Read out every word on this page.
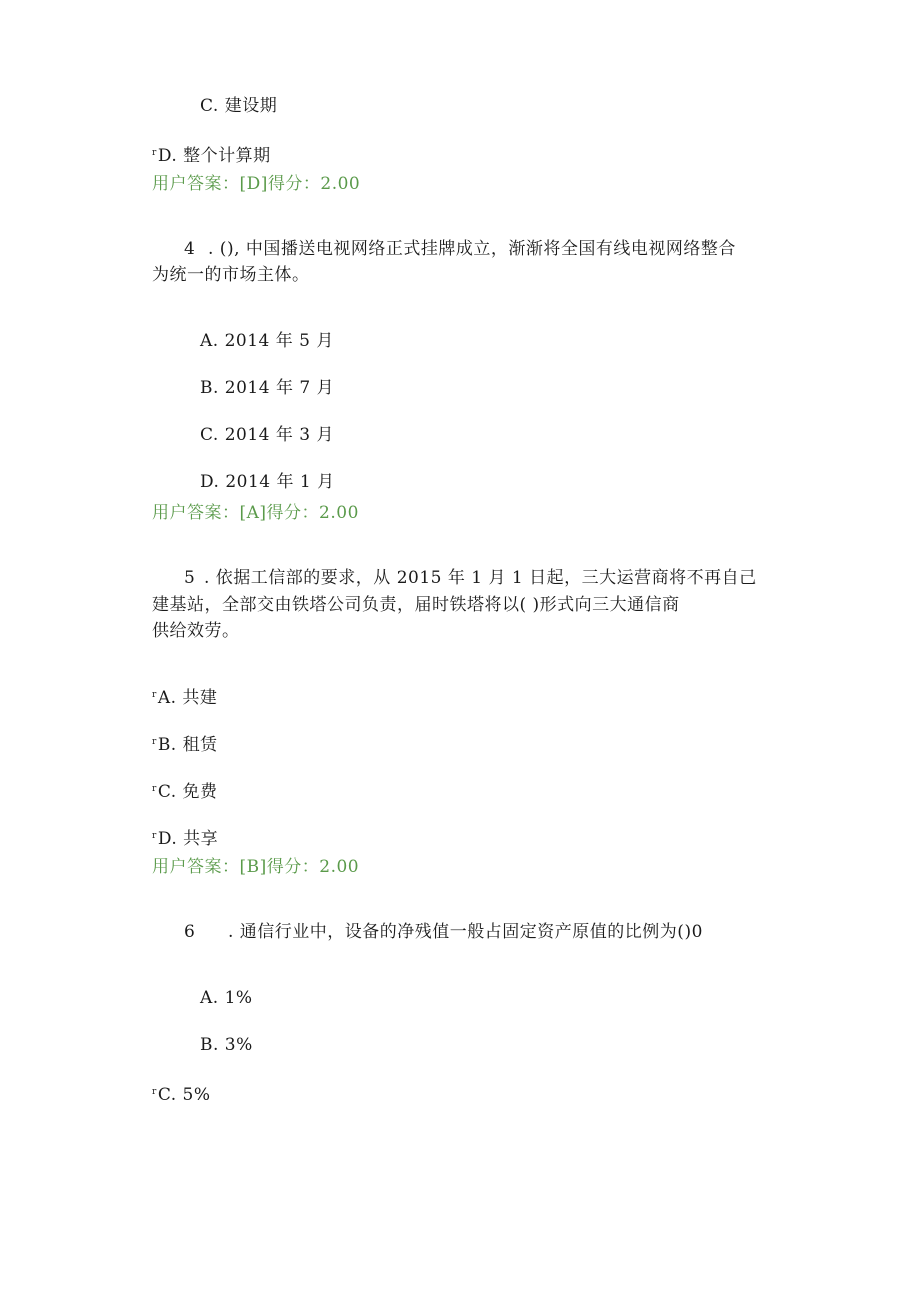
C. 建设期
$^r$D. 整个计算期
用户答案：[D]得分：2.00
4 . (), 中国播送电视网络正式挂牌成立，渐渐将全国有线电视网络整合
为统一的市场主体。
A. 2014 年 5 月
B. 2014 年 7 月
C. 2014 年 3 月
D. 2014 年 1 月
用户答案：[A]得分：2.00
5 . 依据工信部的要求，从 2015 年 1 月 1 日起，三大运营商将不再自己
建基站，全部交由铁塔公司负责，届时铁塔将以( )形式向三大通信商
供给效劳。
$^r$A. 共建
$^r$B. 租赁
$^r$C. 免费
$^r$D. 共享
用户答案：[B]得分：2.00
6 . 通信行业中，设备的净残值一般占固定资产原值的比例为()0
A. 1%
B. 3%
$^r$C. 5%
